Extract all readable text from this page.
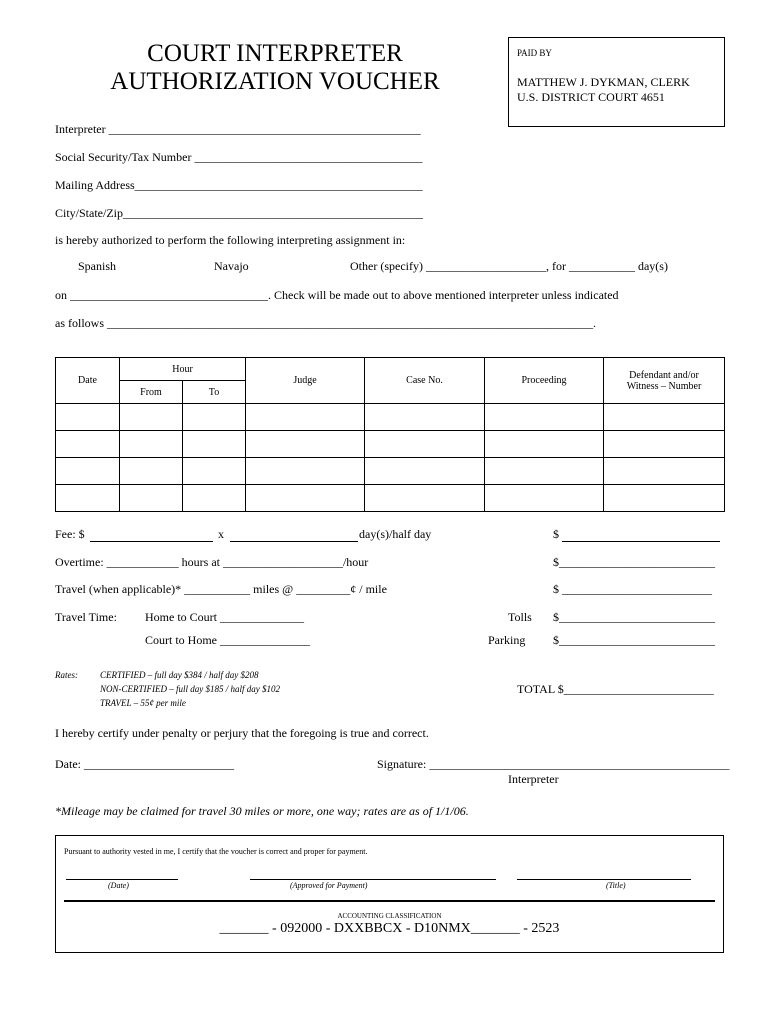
COURT INTERPRETER
AUTHORIZATION VOUCHER
PAID BY
MATTHEW J. DYKMAN, CLERK
U.S. DISTRICT COURT 4651
Interpreter ____________________________________________________
Social Security/Tax Number ______________________________________
Mailing Address________________________________________________
City/State/Zip__________________________________________________
is hereby authorized to perform the following interpreting assignment in:
Spanish	Navajo	Other (specify) ____________________, for ___________ day(s)
on _________________________________. Check will be made out to above mentioned interpreter unless indicated
as follows _________________________________________________________________________________.
Date	Hour		Judge	Case No.	Proceeding	Defendant and/or Witness – Number
	From	To				

Fee: $	x	day(s)/half day	$
Overtime: ____________ hours at ____________________/hour	$__________________________
Travel (when applicable)* ___________ miles @ _________¢ / mile	$ _________________________
Travel Time: Home to Court ______________	Tolls $__________________________
Court to Home _______________	Parking $__________________________
Rates: CERTIFIED – full day $384 / half day $208
NON-CERTIFIED – full day $185 / half day $102
TRAVEL – 55¢ per mile
TOTAL $_________________________
I hereby certify under penalty or perjury that the foregoing is true and correct.
Date: _________________________	Signature: __________________________________________________
Interpreter
*Mileage may be claimed for travel 30 miles or more, one way; rates are as of 1/1/06.
Pursuant to authority vested in me, I certify that the voucher is correct and proper for payment.
(Date)	(Approved for Payment)	(Title)
ACCOUNTING CLASSIFICATION
_______ - 092000 - DXXBBCX - D10NMX_______ - 2523
